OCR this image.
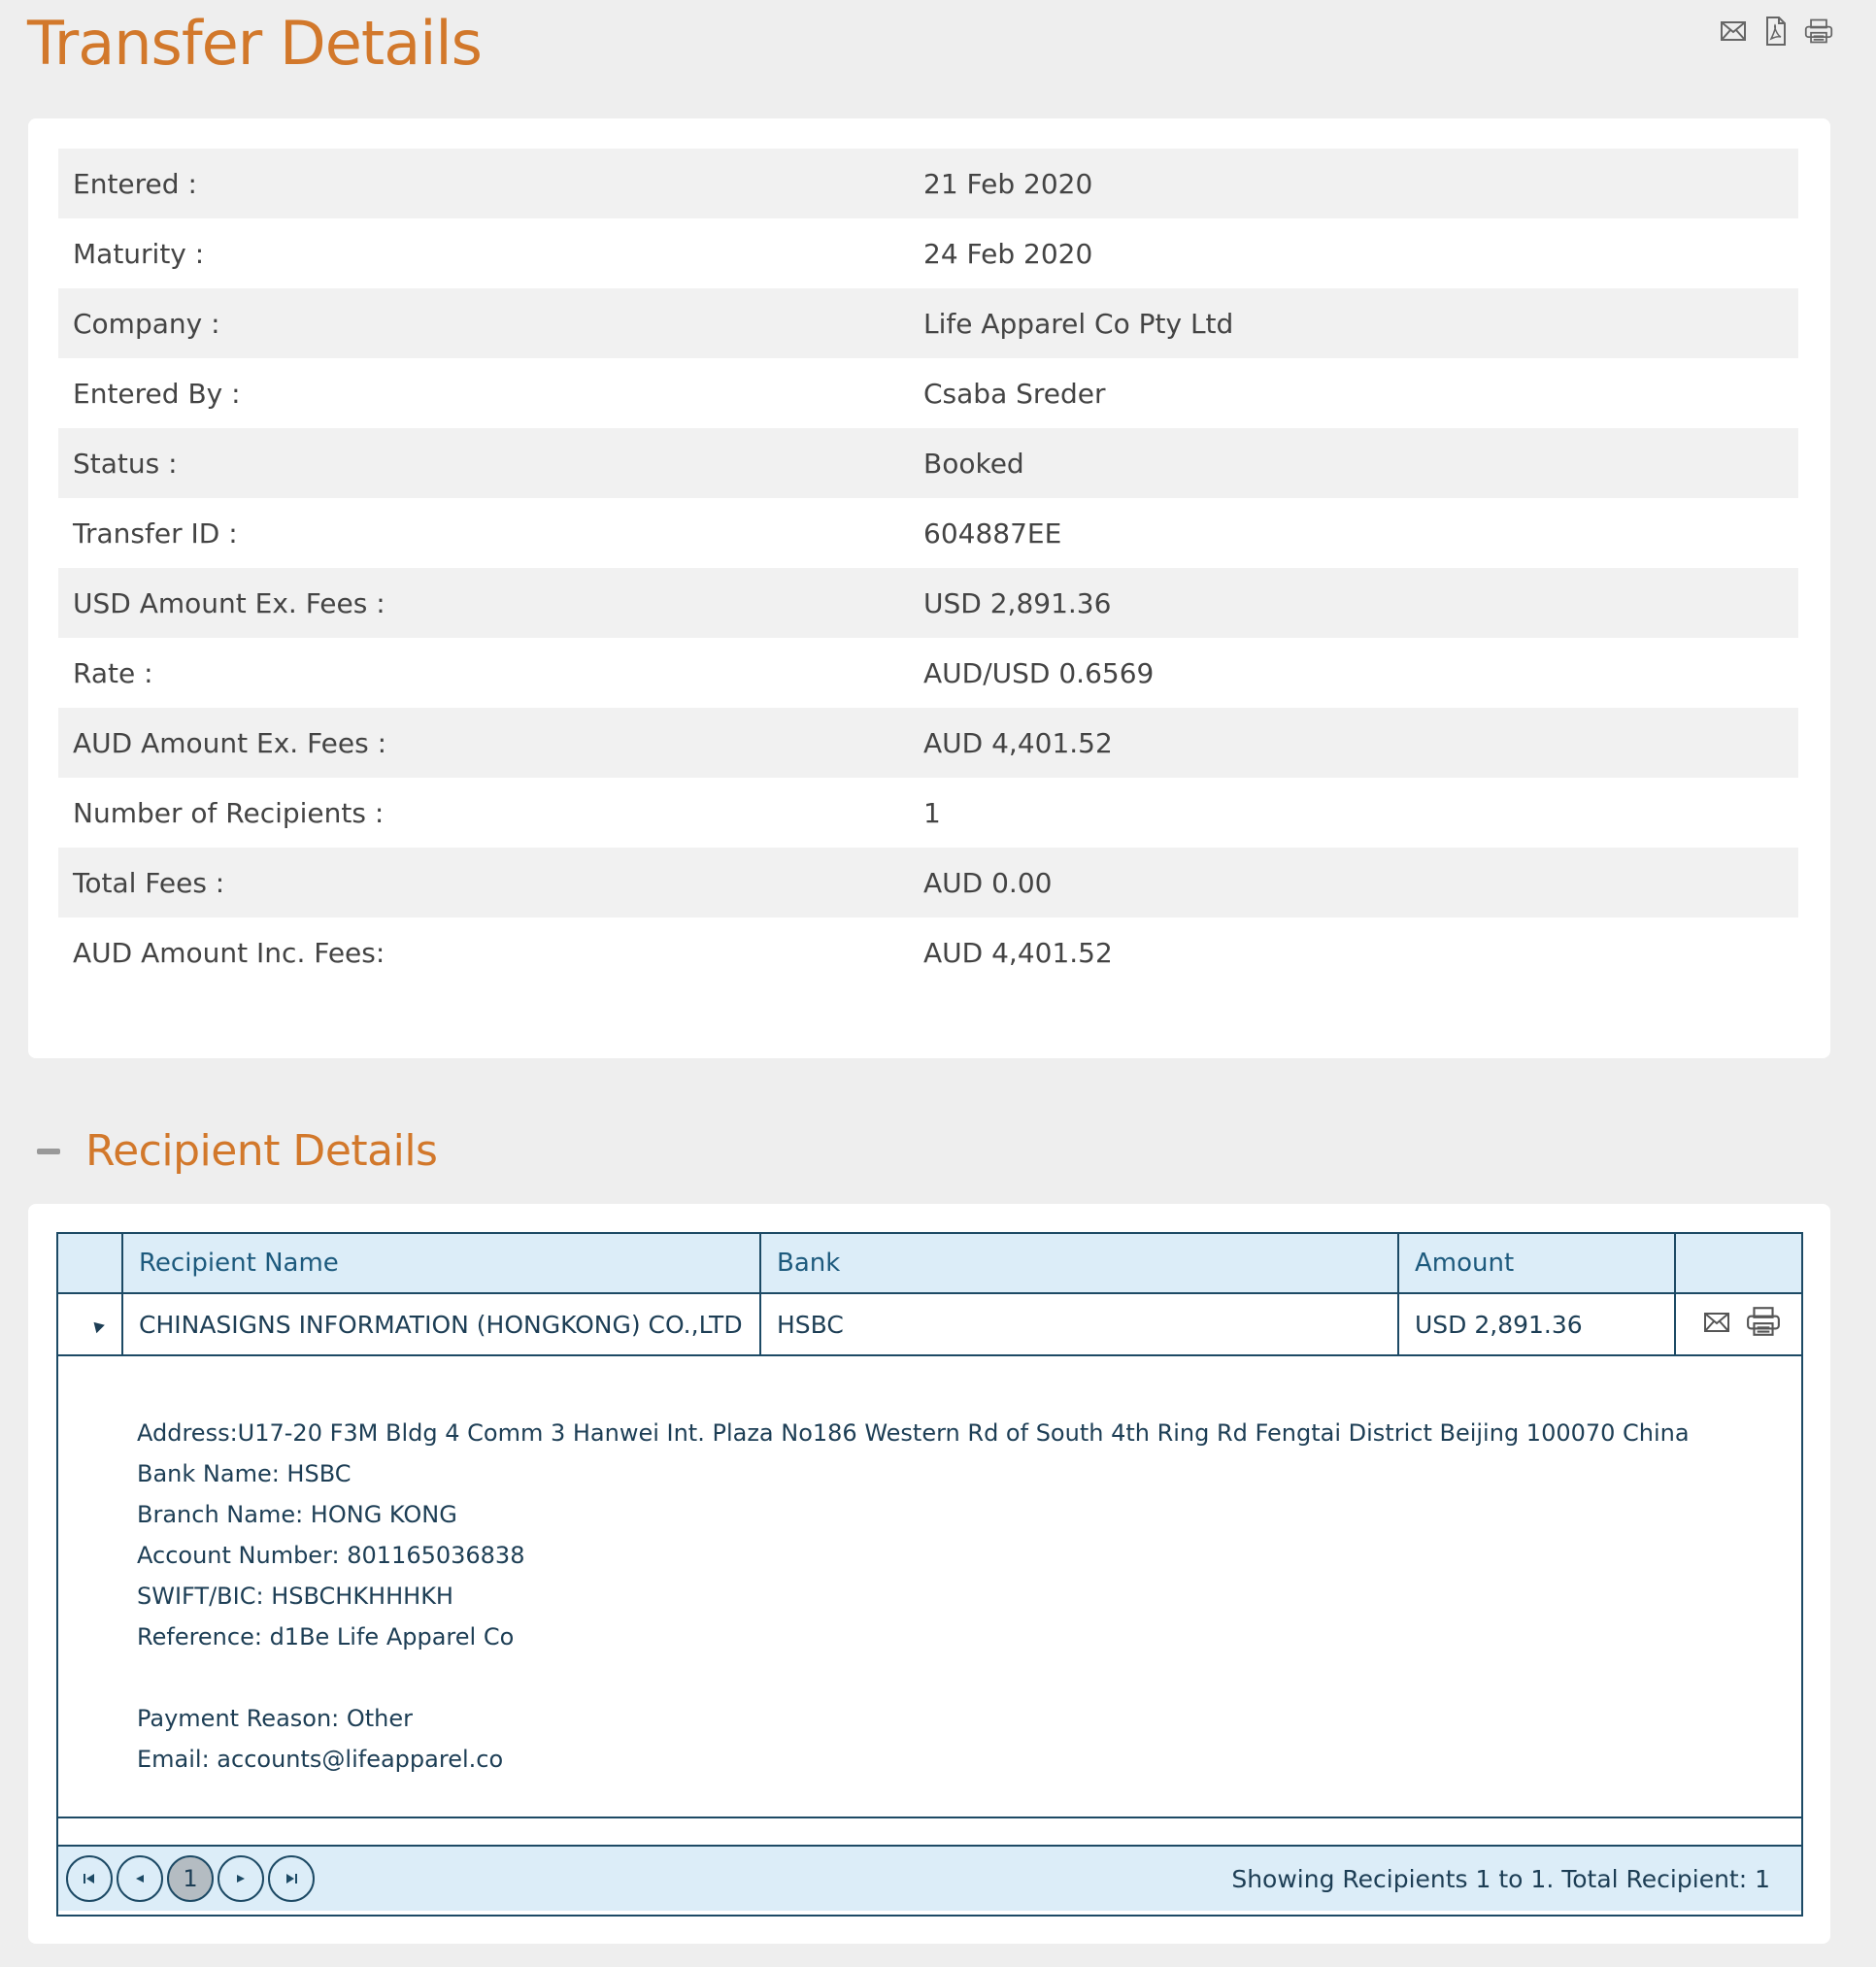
Transfer Details
Entered :	21 Feb 2020
Maturity :	24 Feb 2020
Company :	Life Apparel Co Pty Ltd
Entered By :	Csaba Sreder
Status :	Booked
Transfer ID :	604887EE
USD Amount Ex. Fees :	USD 2,891.36
Rate :	AUD/USD 0.6569
AUD Amount Ex. Fees :	AUD 4,401.52
Number of Recipients :	1
Total Fees :	AUD 0.00
AUD Amount Inc. Fees:	AUD 4,401.52
Recipient Details
Recipient Name	Bank	Amount
CHINASIGNS INFORMATION (HONGKONG) CO.,LTD	HSBC	USD 2,891.36
Address:U17-20 F3M Bldg 4 Comm 3 Hanwei Int. Plaza No186 Western Rd of South 4th Ring Rd Fengtai District Beijing 100070 China
Bank Name: HSBC
Branch Name: HONG KONG
Account Number: 801165036838
SWIFT/BIC: HSBCHKHHHKH
Reference: d1Be Life Apparel Co
Payment Reason: Other
Email: accounts@lifeapparel.co
1	Showing Recipients 1 to 1. Total Recipient: 1
